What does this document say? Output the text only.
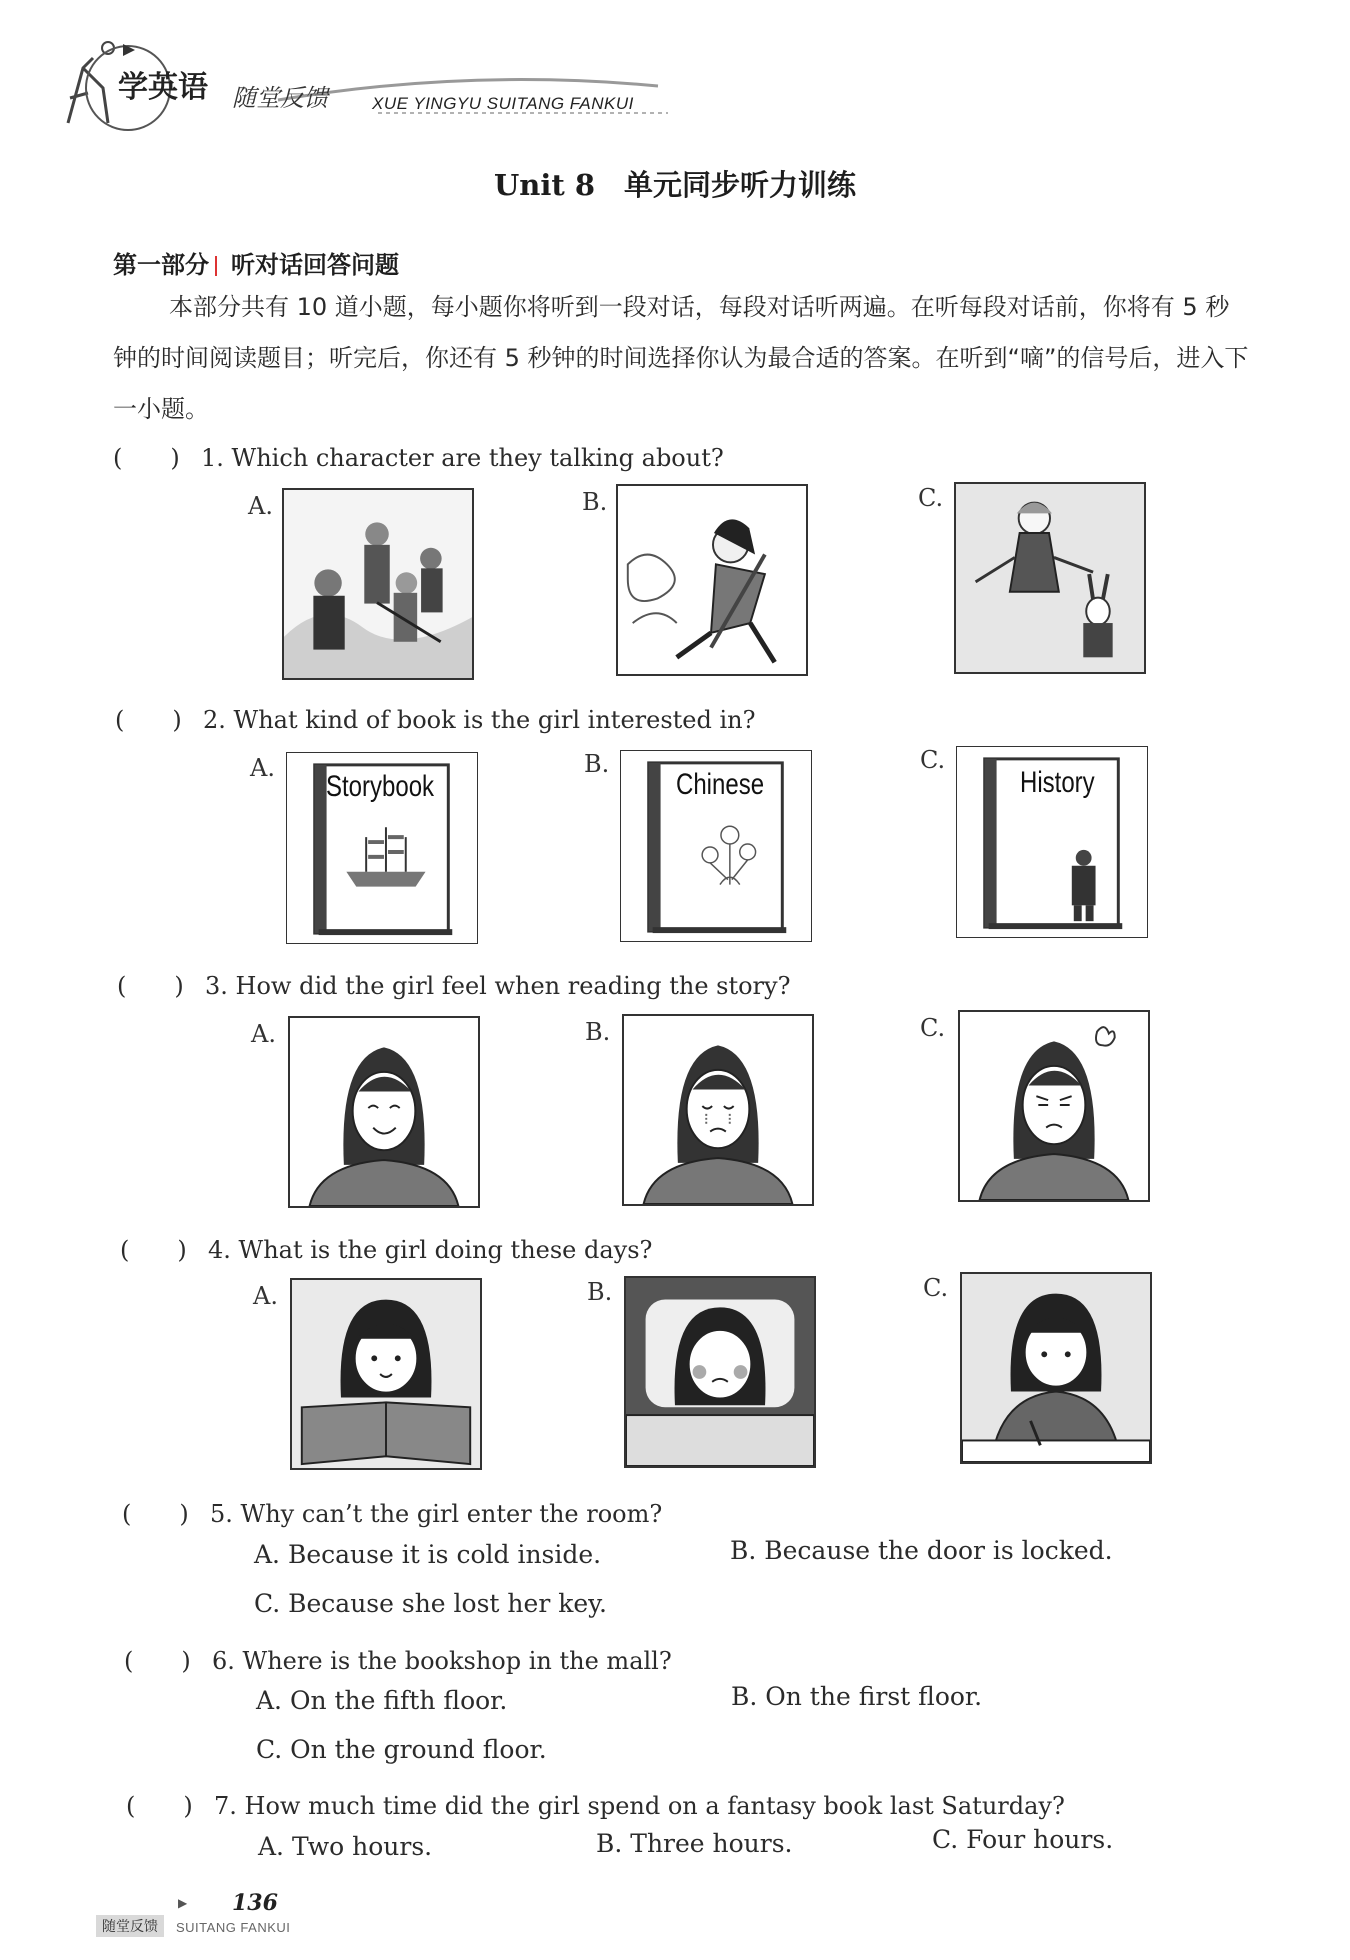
学英语 随堂反馈	XUE YINGYU SUITANG FANKUI
Unit 8　单元同步听力训练
第一部分 听对话回答问题
本部分共有 10 道小题，每小题你将听到一段对话，每段对话听两遍。在听每段对话前，你将有 5 秒钟的时间阅读题目；听完后，你还有 5 秒钟的时间选择你认为最合适的答案。在听到“嘀”的信号后，进入下一小题。
(　　) 1. Which character are they talking about?
A.	B.	C.
(　　) 2. What kind of book is the girl interested in?
A.
Storybook
B.
Chinese
C.
History
(　　) 3. How did the girl feel when reading the story?
A.	B.	C.
(　　) 4. What is the girl doing these days?
A.	B.	C.
(　　) 5. Why can’t the girl enter the room?
A. Because it is cold inside.	B. Because the door is locked.
C. Because she lost her key.
(　　) 6. Where is the bookshop in the mall?
A. On the fifth floor.	B. On the first floor.
C. On the ground floor.
(　　) 7. How much time did the girl spend on a fantasy book last Saturday?
A. Two hours.	B. Three hours.	C. Four hours.
▶ 136
随堂反馈	SUITANG FANKUI
